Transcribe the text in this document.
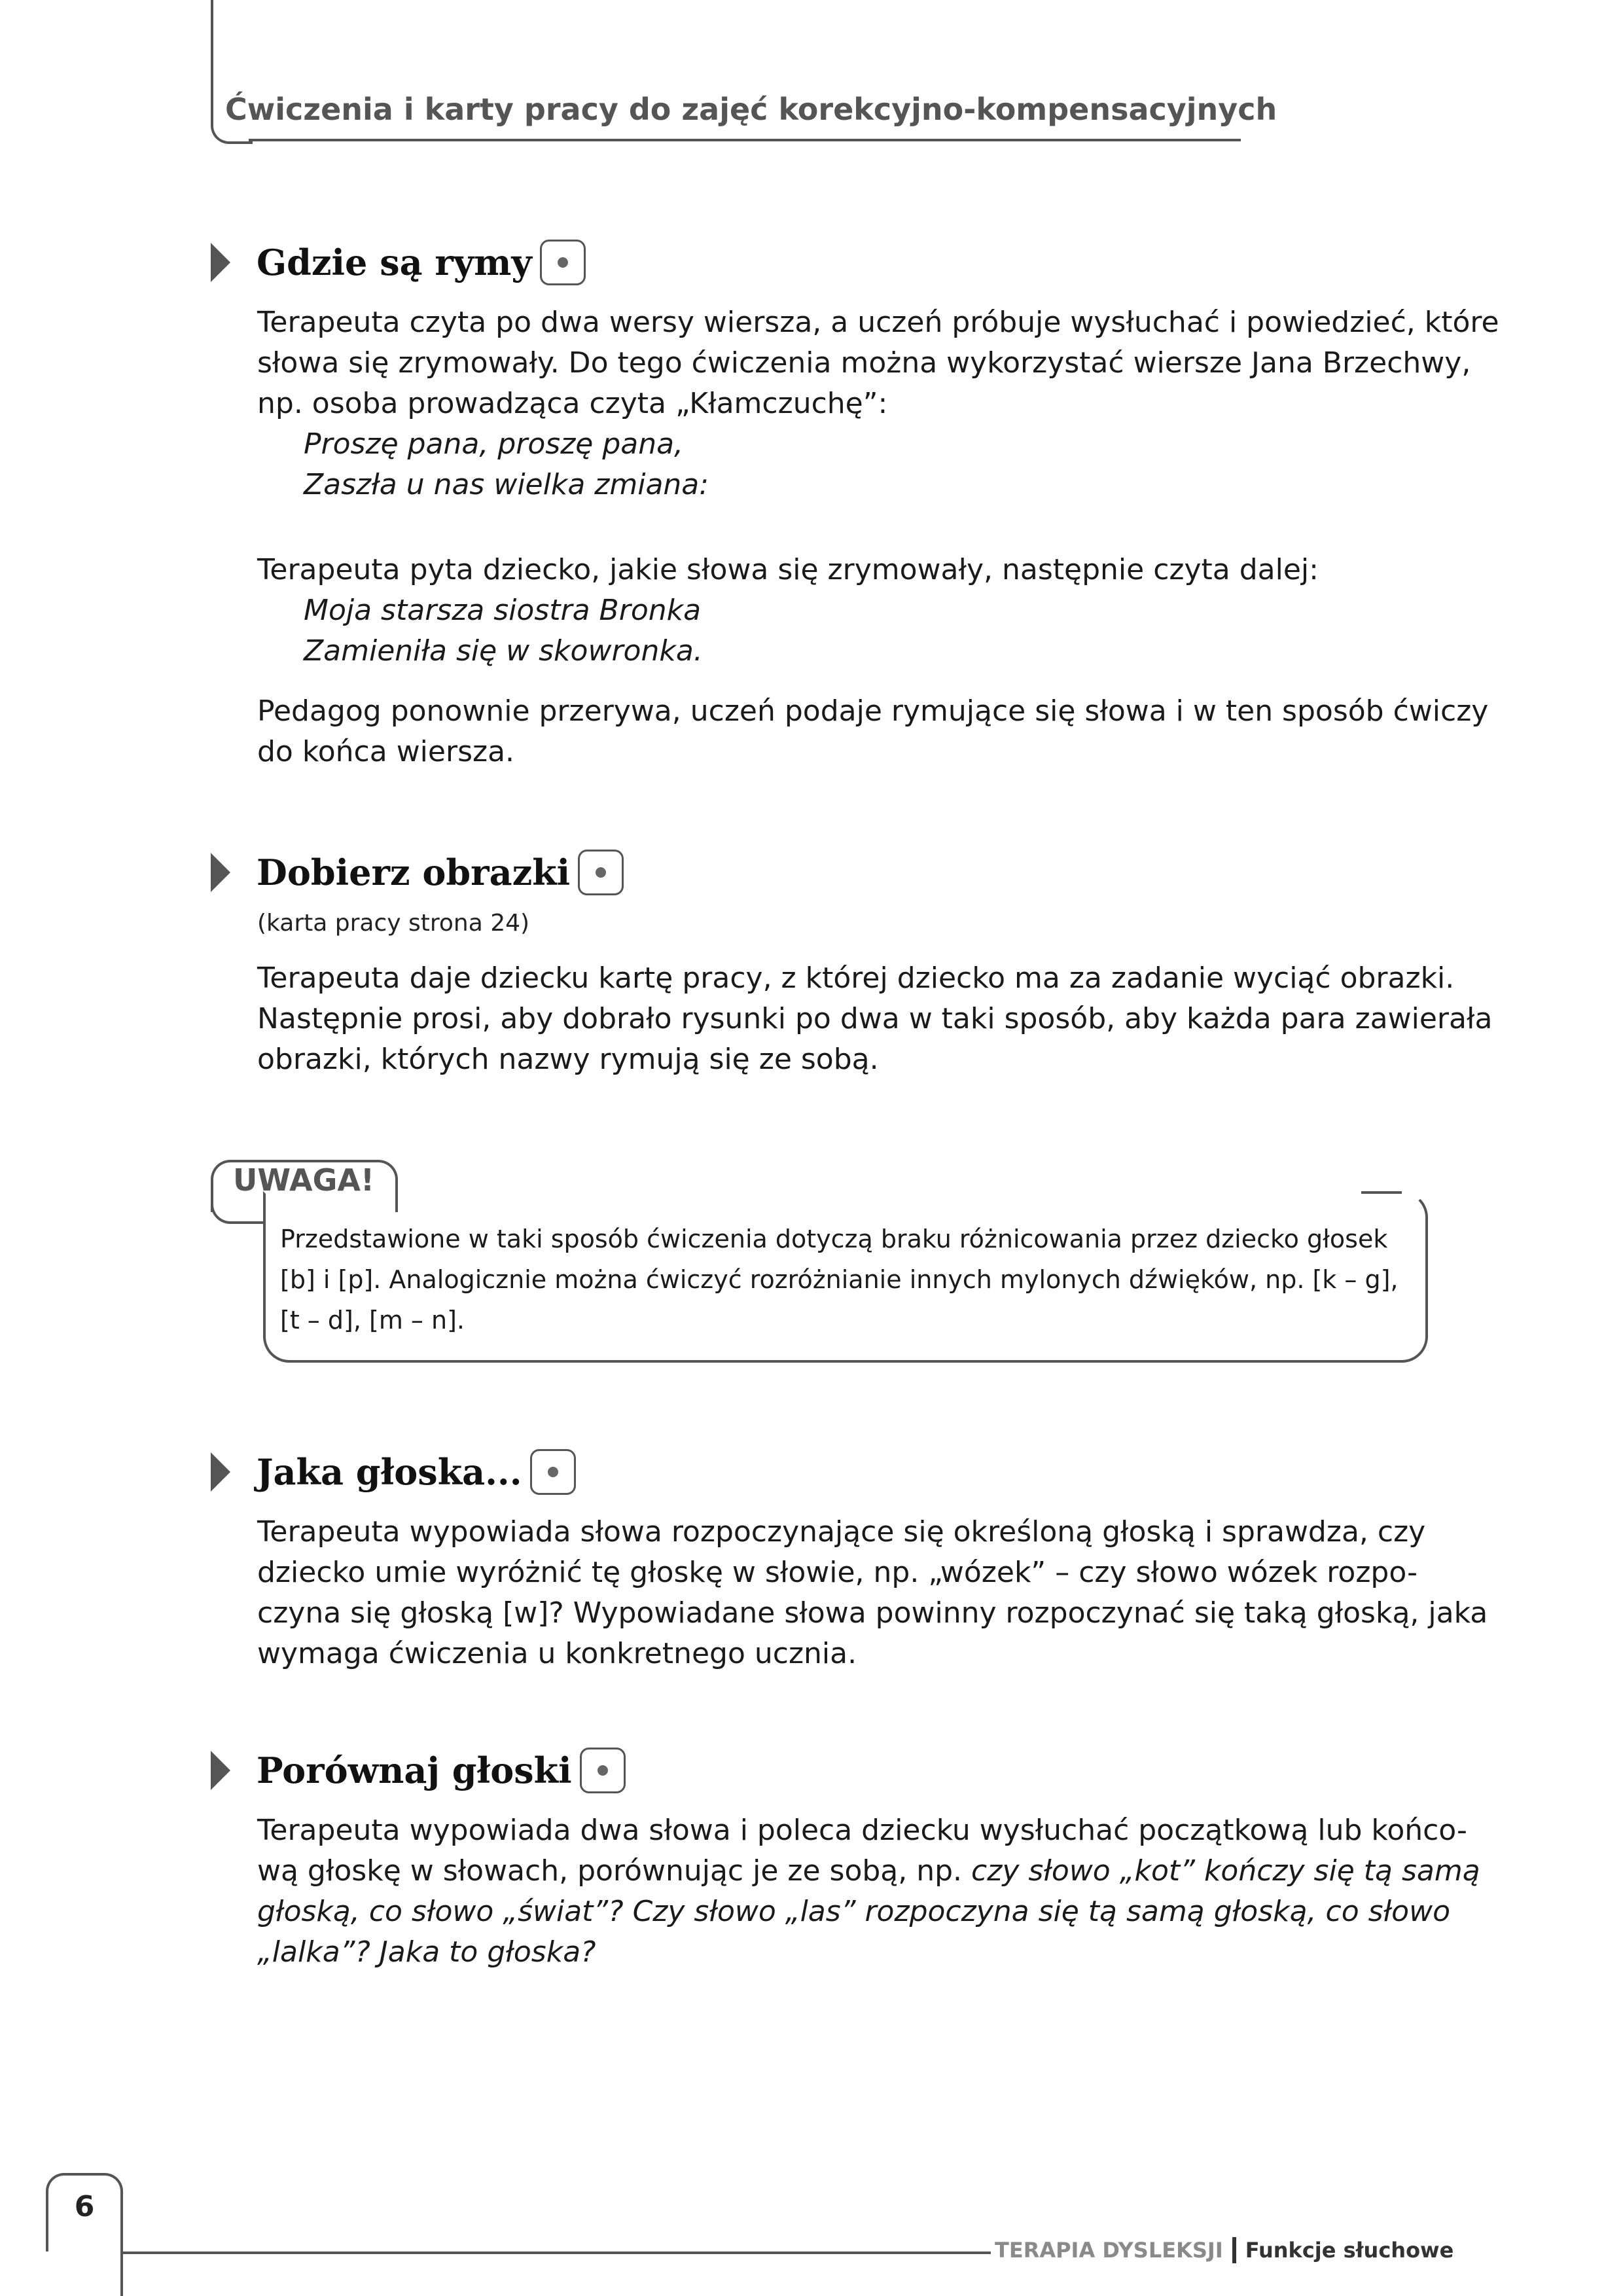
Ćwiczenia i karty pracy do zajęć korekcyjno-kompensacyjnych
Gdzie są rymy
Terapeuta czyta po dwa wersy wiersza, a uczeń próbuje wysłuchać i powiedzieć, które
słowa się zrymowały. Do tego ćwiczenia można wykorzystać wiersze Jana Brzechwy,
np. osoba prowadząca czyta „Kłamczuchę”:
Proszę pana, proszę pana,
Zaszła u nas wielka zmiana:
Terapeuta pyta dziecko, jakie słowa się zrymowały, następnie czyta dalej:
Moja starsza siostra Bronka
Zamieniła się w skowronka.
Pedagog ponownie przerywa, uczeń podaje rymujące się słowa i w ten sposób ćwiczy
do końca wiersza.
Dobierz obrazki
(karta pracy strona 24)
Terapeuta daje dziecku kartę pracy, z której dziecko ma za zadanie wyciąć obrazki.
Następnie prosi, aby dobrało rysunki po dwa w taki sposób, aby każda para zawierała
obrazki, których nazwy rymują się ze sobą.
UWAGA!
Przedstawione w taki sposób ćwiczenia dotyczą braku różnicowania przez dziecko głosek
[b] i [p]. Analogicznie można ćwiczyć rozróżnianie innych mylonych dźwięków, np. [k – g],
[t – d], [m – n].
Jaka głoska...
Terapeuta wypowiada słowa rozpoczynające się określoną głoską i sprawdza, czy
dziecko umie wyróżnić tę głoskę w słowie, np. „wózek” – czy słowo wózek rozpo-
czyna się głoską [w]? Wypowiadane słowa powinny rozpoczynać się taką głoską, jaka
wymaga ćwiczenia u konkretnego ucznia.
Porównaj głoski
Terapeuta wypowiada dwa słowa i poleca dziecku wysłuchać początkową lub końco-
wą głoskę w słowach, porównując je ze sobą, np. czy słowo „kot” kończy się tą samą
głoską, co słowo „świat”? Czy słowo „las” rozpoczyna się tą samą głoską, co słowo
„lalka”? Jaka to głoska?
6
TERAPIA DYSLEKSJI Funkcje słuchowe
